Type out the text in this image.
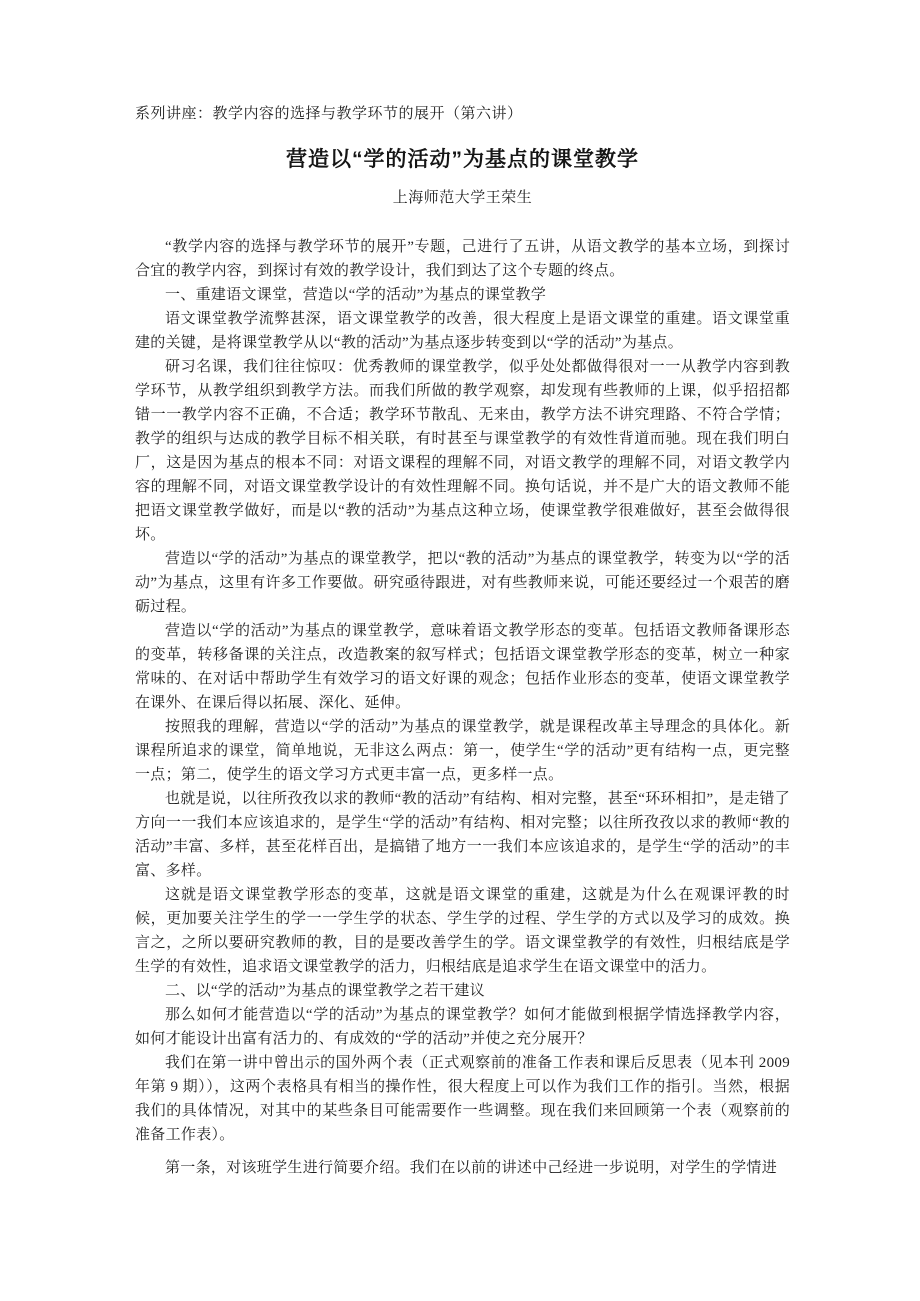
系列讲座：教学内容的选择与教学环节的展开（第六讲）
营造以“学的活动”为基点的课堂教学
上海师范大学王荣生

“教学内容的选择与教学环节的展开”专题，己进行了五讲，从语文教学的基本立场，到探讨合宜的教学内容，到探讨有效的教学设计，我们到达了这个专题的终点。

一、重建语文课堂，营造以“学的活动”为基点的课堂教学

语文课堂教学流弊甚深，语文课堂教学的改善，很大程度上是语文课堂的重建。语文课堂重建的关键，是将课堂教学从以“教的活动”为基点逐步转变到以“学的活动”为基点。

研习名课，我们往往惊叹：优秀教师的课堂教学，似乎处处都做得很对一一从教学内容到教学环节，从教学组织到教学方法。而我们所做的教学观察，却发现有些教师的上课，似乎招招都错一一教学内容不正确，不合适；教学环节散乱、无来由，教学方法不讲究理路、不符合学情；教学的组织与达成的教学目标不相关联，有时甚至与课堂教学的有效性背道而驰。现在我们明白厂，这是因为基点的根本不同：对语文课程的理解不同，对语文教学的理解不同，对语文教学内容的理解不同，对语文课堂教学设计的有效性理解不同。换句话说，并不是广大的语文教师不能把语文课堂教学做好，而是以“教的活动”为基点这种立场，使课堂教学很难做好，甚至会做得很坏。

营造以“学的活动”为基点的课堂教学，把以“教的活动”为基点的课堂教学，转变为以“学的活动”为基点，这里有许多工作要做。研究亟待跟进，对有些教师来说，可能还要经过一个艰苦的磨砺过程。

营造以“学的活动”为基点的课堂教学，意味着语文教学形态的变革。包括语文教师备课形态的变革，转移备课的关注点，改造教案的叙写样式；包括语文课堂教学形态的变革，树立一种家常味的、在对话中帮助学生有效学习的语文好课的观念；包括作业形态的变革，使语文课堂教学在课外、在课后得以拓展、深化、延伸。

按照我的理解，营造以“学的活动”为基点的课堂教学，就是课程改革主导理念的具体化。新课程所追求的课堂，简单地说，无非这么两点：第一，使学生“学的活动”更有结构一点，更完整一点；第二，使学生的语文学习方式更丰富一点，更多样一点。

也就是说，以往所孜孜以求的教师“教的活动”有结构、相对完整，甚至“环环相扣”，是走错了方向一一我们本应该追求的，是学生“学的活动”有结构、相对完整；以往所孜孜以求的教师“教的活动”丰富、多样，甚至花样百出，是搞错了地方一一我们本应该追求的，是学生“学的活动”的丰富、多样。

这就是语文课堂教学形态的变革，这就是语文课堂的重建，这就是为什么在观课评教的时候，更加要关注学生的学一一学生学的状态、学生学的过程、学生学的方式以及学习的成效。换言之，之所以要研究教师的教，目的是要改善学生的学。语文课堂教学的有效性，归根结底是学生学的有效性，追求语文课堂教学的活力，归根结底是追求学生在语文课堂中的活力。

二、以“学的活动”为基点的课堂教学之若干建议

那么如何才能营造以“学的活动”为基点的课堂教学？如何才能做到根据学情选择教学内容，如何才能设计出富有活力的、有成效的“学的活动”并使之充分展开？

我们在第一讲中曾出示的国外两个表（正式观察前的准备工作表和课后反思表（见本刊 2009 年第 9 期）），这两个表格具有相当的操作性，很大程度上可以作为我们工作的指引。当然，根据我们的具体情况，对其中的某些条目可能需要作一些调整。现在我们来回顾第一个表（观察前的准备工作表）。

第一条，对该班学生进行简要介绍。我们在以前的讲述中己经进一步说明，对学生的学情进
